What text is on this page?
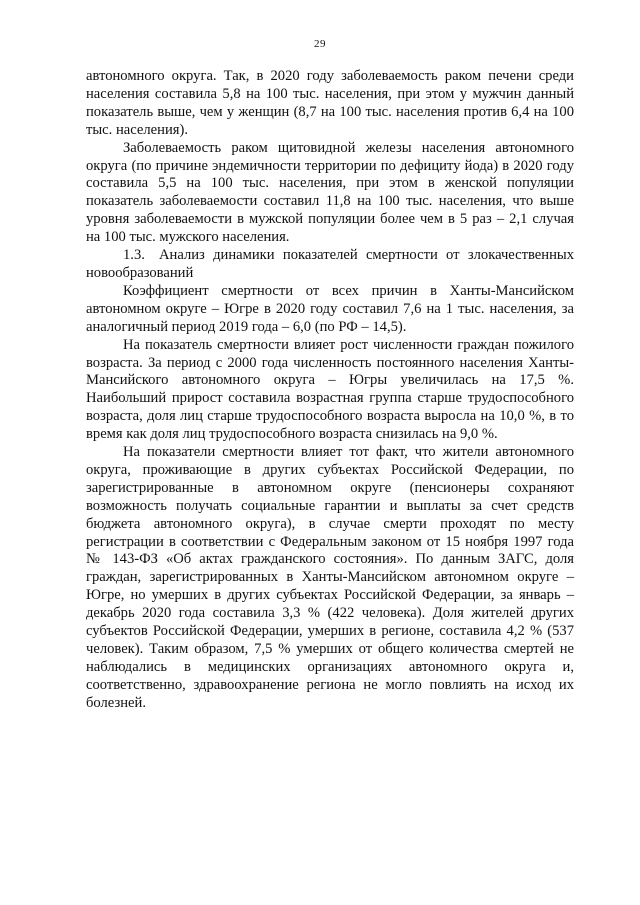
29

автономного округа. Так, в 2020 году заболеваемость раком печени среди населения составила 5,8 на 100 тыс. населения, при этом у мужчин данный показатель выше, чем у женщин (8,7 на 100 тыс. населения против 6,4 на 100 тыс. населения).

Заболеваемость раком щитовидной железы населения автономного округа (по причине эндемичности территории по дефициту йода) в 2020 году составила 5,5 на 100 тыс. населения, при этом в женской популяции показатель заболеваемости составил 11,8 на 100 тыс. населения, что выше уровня заболеваемости в мужской популяции более чем в 5 раз – 2,1 случая на 100 тыс. мужского населения.

1.3. Анализ динамики показателей смертности от злокачественных новообразований

Коэффициент смертности от всех причин в Ханты-Мансийском автономном округе – Югре в 2020 году составил 7,6 на 1 тыс. населения, за аналогичный период 2019 года – 6,0 (по РФ – 14,5).

На показатель смертности влияет рост численности граждан пожилого возраста. За период с 2000 года численность постоянного населения Ханты-Мансийского автономного округа – Югры увеличилась на 17,5 %. Наибольший прирост составила возрастная группа старше трудоспособного возраста, доля лиц старше трудоспособного возраста выросла на 10,0 %, в то время как доля лиц трудоспособного возраста снизилась на 9,0 %.

На показатели смертности влияет тот факт, что жители автономного округа, проживающие в других субъектах Российской Федерации, по зарегистрированные в автономном округе (пенсионеры сохраняют возможность получать социальные гарантии и выплаты за счет средств бюджета автономного округа), в случае смерти проходят по месту регистрации в соответствии с Федеральным законом от 15 ноября 1997 года № 143-ФЗ «Об актах гражданского состояния». По данным ЗАГС, доля граждан, зарегистрированных в Ханты-Мансийском автономном округе – Югре, но умерших в других субъектах Российской Федерации, за январь – декабрь 2020 года составила 3,3 % (422 человека). Доля жителей других субъектов Российской Федерации, умерших в регионе, составила 4,2 % (537 человек). Таким образом, 7,5 % умерших от общего количества смертей не наблюдались в медицинских организациях автономного округа и, соответственно, здравоохранение региона не могло повлиять на исход их болезней.
